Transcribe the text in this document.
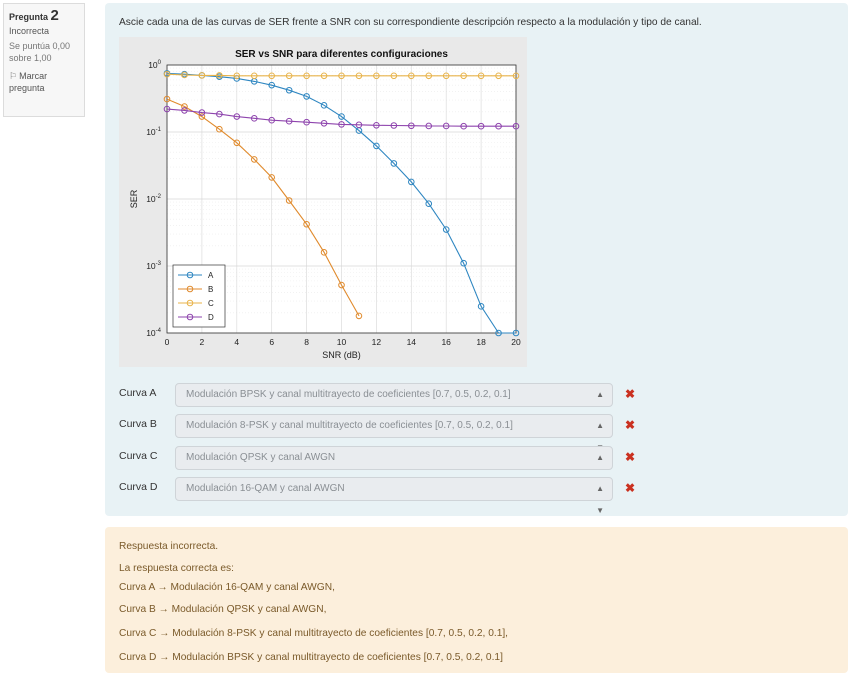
Pregunta 2
Incorrecta
Se puntúa 0,00
sobre 1,00
⚐ Marcar
pregunta
Ascie cada una de las curvas de SER frente a SNR con su correspondiente descripción respecto a la modulación y tipo de canal.
0	2	4	6	8	10	12	14	16	18	20
$10^0$
$10^{-1}$
$10^{-2}$
$10^{-3}$
$10^{-4}$
SER vs SNR para diferentes configuraciones
SNR (dB)
SER
A
B
C
D
Curva A	Modulación BPSK y canal multitrayecto de coeficientes [0.7, 0.5, 0.2, 0.1]	▲ ✖
Curva B	Modulación 8-PSK y canal multitrayecto de coeficientes [0.7, 0.5, 0.2, 0.1]	▲ ✖
Curva C	Modulación QPSK y canal AWGN	▲ ✖
Curva D	Modulación 16-QAM y canal AWGN	▲
▼
✖
Respuesta incorrecta.
La respuesta correcta es:
Curva A → Modulación 16-QAM y canal AWGN,
Curva B → Modulación QPSK y canal AWGN,
Curva C → Modulación 8-PSK y canal multitrayecto de coeficientes [0.7, 0.5, 0.2, 0.1],
Curva D → Modulación BPSK y canal multitrayecto de coeficientes [0.7, 0.5, 0.2, 0.1]
